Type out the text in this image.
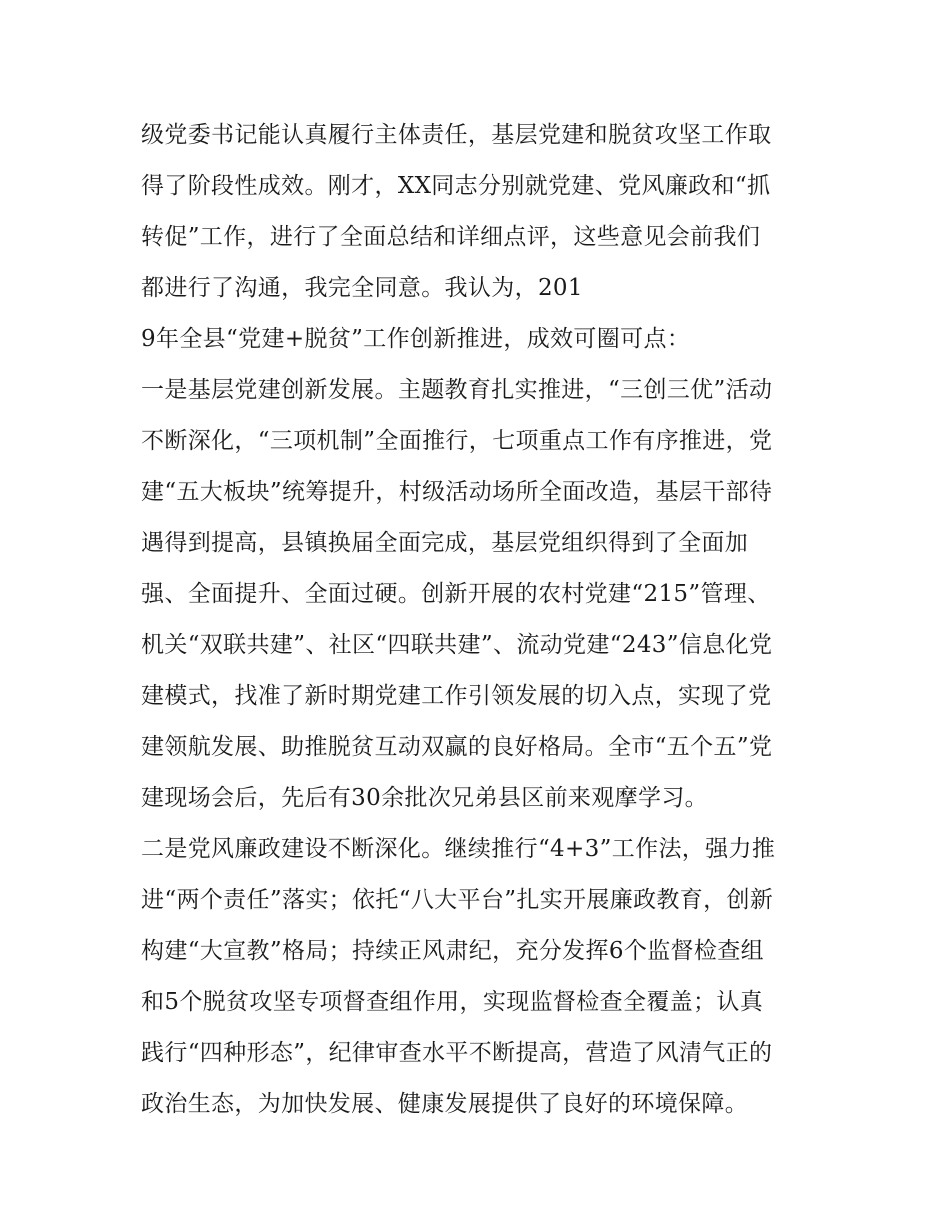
级党委书记能认真履行主体责任，基层党建和脱贫攻坚工作取
得了阶段性成效。刚才，XX同志分别就党建、党风廉政和“抓
转促”工作，进行了全面总结和详细点评，这些意见会前我们
都进行了沟通，我完全同意。我认为，201
9年全县“党建+脱贫”工作创新推进，成效可圈可点：
一是基层党建创新发展。主题教育扎实推进，“三创三优”活动
不断深化，“三项机制”全面推行，七项重点工作有序推进，党
建“五大板块”统筹提升，村级活动场所全面改造，基层干部待
遇得到提高，县镇换届全面完成，基层党组织得到了全面加
强、全面提升、全面过硬。创新开展的农村党建“215”管理、
机关“双联共建”、社区“四联共建”、流动党建“243”信息化党
建模式，找准了新时期党建工作引领发展的切入点，实现了党
建领航发展、助推脱贫互动双赢的良好格局。全市“五个五”党
建现场会后，先后有30余批次兄弟县区前来观摩学习。
二是党风廉政建设不断深化。继续推行“4+3”工作法，强力推
进“两个责任”落实；依托“八大平台”扎实开展廉政教育，创新
构建“大宣教”格局；持续正风肃纪，充分发挥6个监督检查组
和5个脱贫攻坚专项督查组作用，实现监督检查全覆盖；认真
践行“四种形态”，纪律审查水平不断提高，营造了风清气正的
政治生态，为加快发展、健康发展提供了良好的环境保障。
